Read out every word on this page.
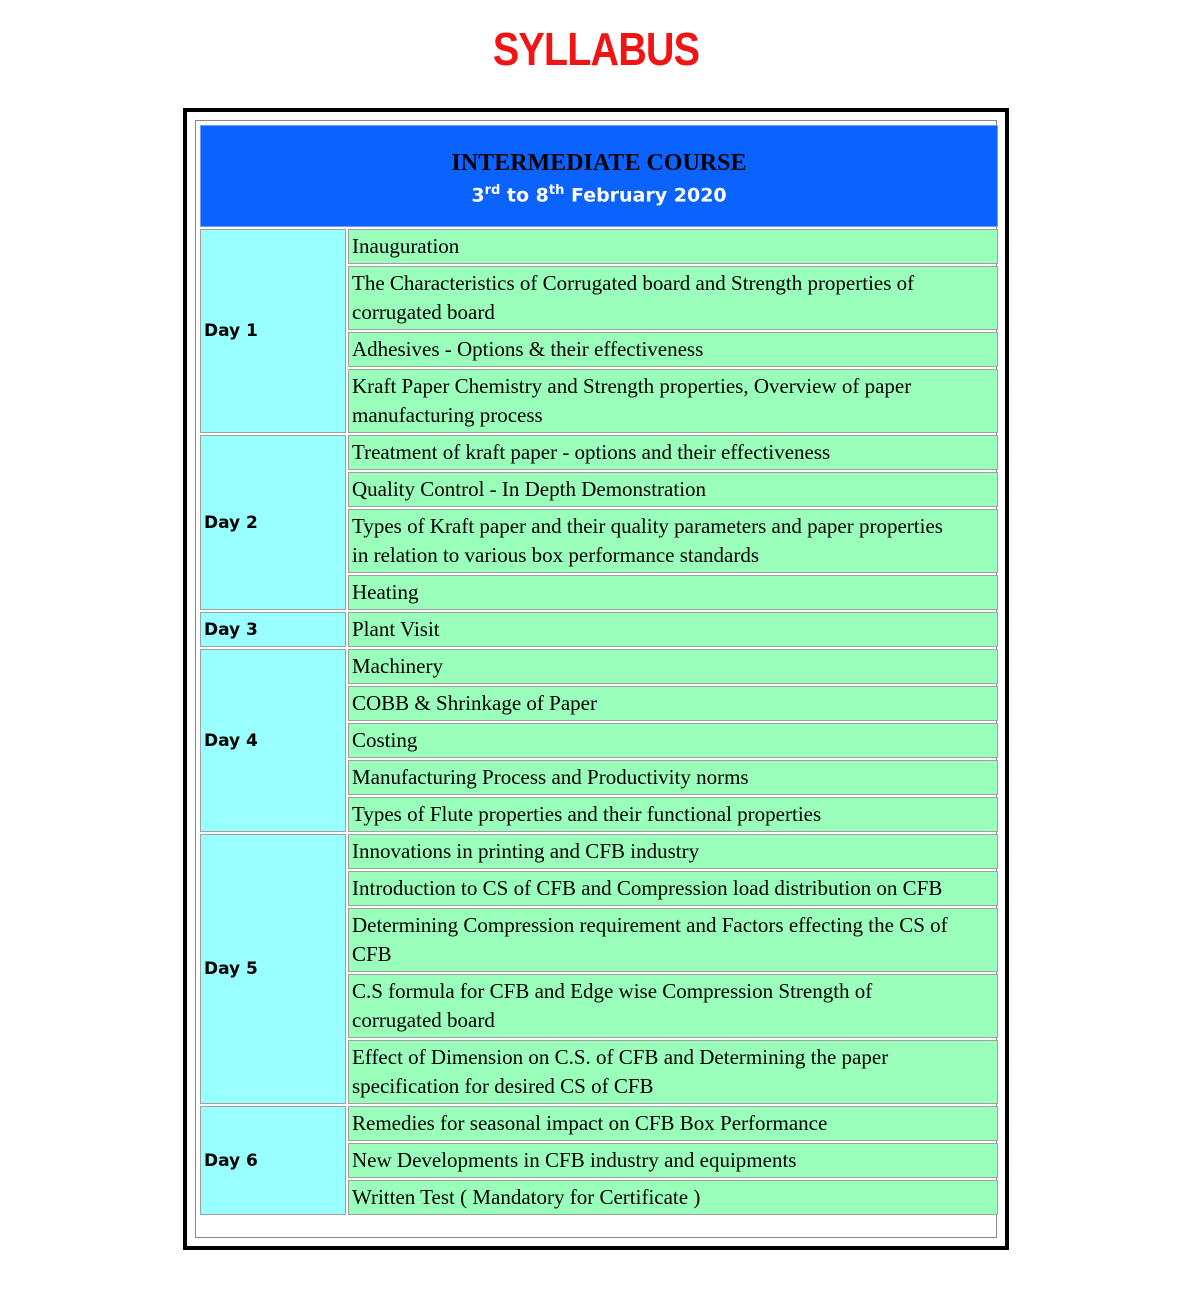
SYLLABUS
INTERMEDIATE COURSE
3rd to 8th February 2020	

Day 1	Inauguration
	The Characteristics of Corrugated board and Strength properties of corrugated board
	Adhesives - Options & their effectiveness
	Kraft Paper Chemistry and Strength properties, Overview of paper manufacturing process
Day 2	Treatment of kraft paper - options and their effectiveness
	Quality Control - In Depth Demonstration
	Types of Kraft paper and their quality parameters and paper properties in relation to various box performance standards
	Heating
Day 3	Plant Visit
Day 4	Machinery
	COBB & Shrinkage of Paper
	Costing
	Manufacturing Process and Productivity norms
	Types of Flute properties and their functional properties
Day 5	Innovations in printing and CFB industry
	Introduction to CS of CFB and Compression load distribution on CFB
	Determining Compression requirement and Factors effecting the CS of CFB
	C.S formula for CFB and Edge wise Compression Strength of corrugated board
	Effect of Dimension on C.S. of CFB and Determining the paper specification for desired CS of CFB
Day 6	Remedies for seasonal impact on CFB Box Performance
	New Developments in CFB industry and equipments
	Written Test ( Mandatory for Certificate )
